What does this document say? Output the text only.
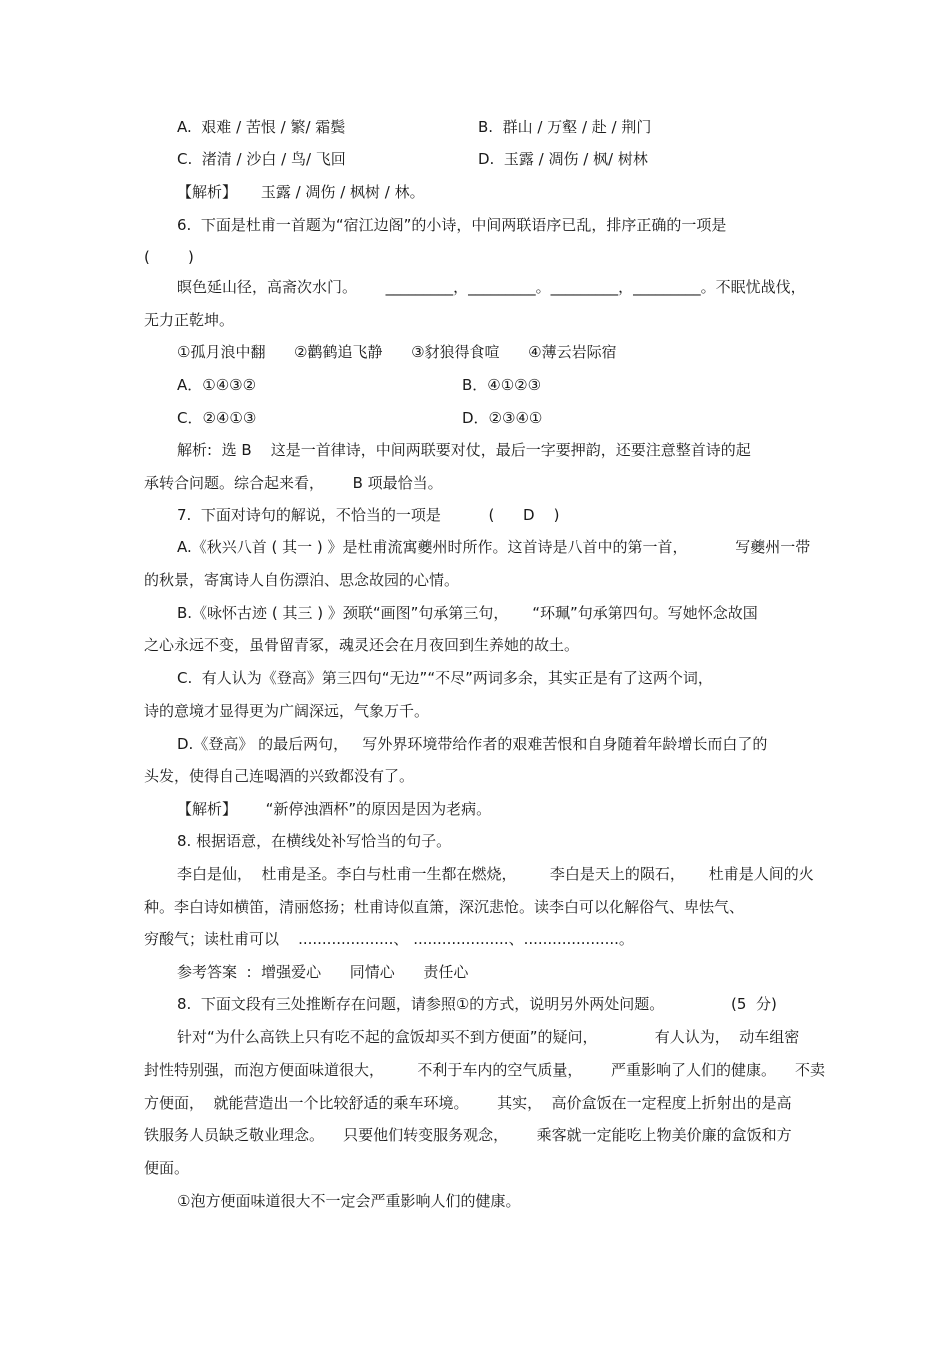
A.  艰难 / 苦恨 / 繁/ 霜鬓	B.  群山 / 万壑 / 赴 / 荆门
C.  渚清 / 沙白 / 鸟/ 飞回	D.  玉露 / 凋伤 / 枫/ 树林
【解析】     玉露 / 凋伤 / 枫树 / 林。
6.  下面是杜甫一首题为“宿江边阁”的小诗，中间两联语序已乱，排序正确的一项是
(        )
暝色延山径，高斋次水门。      _________，_________。_________，_________。不眠忧战伐，
无力正乾坤。
①孤月浪中翻      ②鹳鹤追飞静      ③豺狼得食喧      ④薄云岩际宿
A．①④③②	B．④①②③
C．②④①③	D．②③④①
解析:  选 B    这是一首律诗，中间两联要对仗，最后一字要押韵，还要注意整首诗的起
承转合问题。综合起来看，      B 项最恰当。
7.  下面对诗句的解说，不恰当的一项是          (      D    )
A.《秋兴八首 ( 其一 ) 》是杜甫流寓夔州时所作。这首诗是八首中的第一首，          写夔州一带
的秋景，寄寓诗人自伤漂泊、思念故园的心情。
B.《咏怀古迹 ( 其三 ) 》颈联“画图”句承第三句，     “环珮”句承第四句。写她怀念故国
之心永远不变，虽骨留青冢，魂灵还会在月夜回到生养她的故土。
C.  有人认为《登高》第三四句“无边”“不尽”两词多余，其实正是有了这两个词，
诗的意境才显得更为广阔深远，气象万千。
D.《登高》 的最后两句，   写外界环境带给作者的艰难苦恨和自身随着年龄增长而白了的
头发，使得自己连喝酒的兴致都没有了。
【解析】      “新停浊酒杯”的原因是因为老病。
8. 根据语意，在横线处补写恰当的句子。
李白是仙，  杜甫是圣。李白与杜甫一生都在燃烧，       李白是天上的陨石，     杜甫是人间的火
种。李白诗如横笛，清丽悠扬；杜甫诗似直箫，深沉悲怆。读李白可以化解俗气、卑怯气、
穷酸气；读杜甫可以    ....................、 ....................、....................。
参考答案  :  增强爱心      同情心      责任心
8.  下面文段有三处推断存在问题，请参照①的方式，说明另外两处问题。              (5  分)
针对“为什么高铁上只有吃不起的盒饭却买不到方便面”的疑问，            有人认为，  动车组密
封性特别强，而泡方便面味道很大，       不利于车内的空气质量，      严重影响了人们的健康。    不卖
方便面，  就能营造出一个比较舒适的乘车环境。      其实，  高价盒饭在一定程度上折射出的是高
铁服务人员缺乏敬业理念。    只要他们转变服务观念，      乘客就一定能吃上物美价廉的盒饭和方
便面。
①泡方便面味道很大不一定会严重影响人们的健康。
